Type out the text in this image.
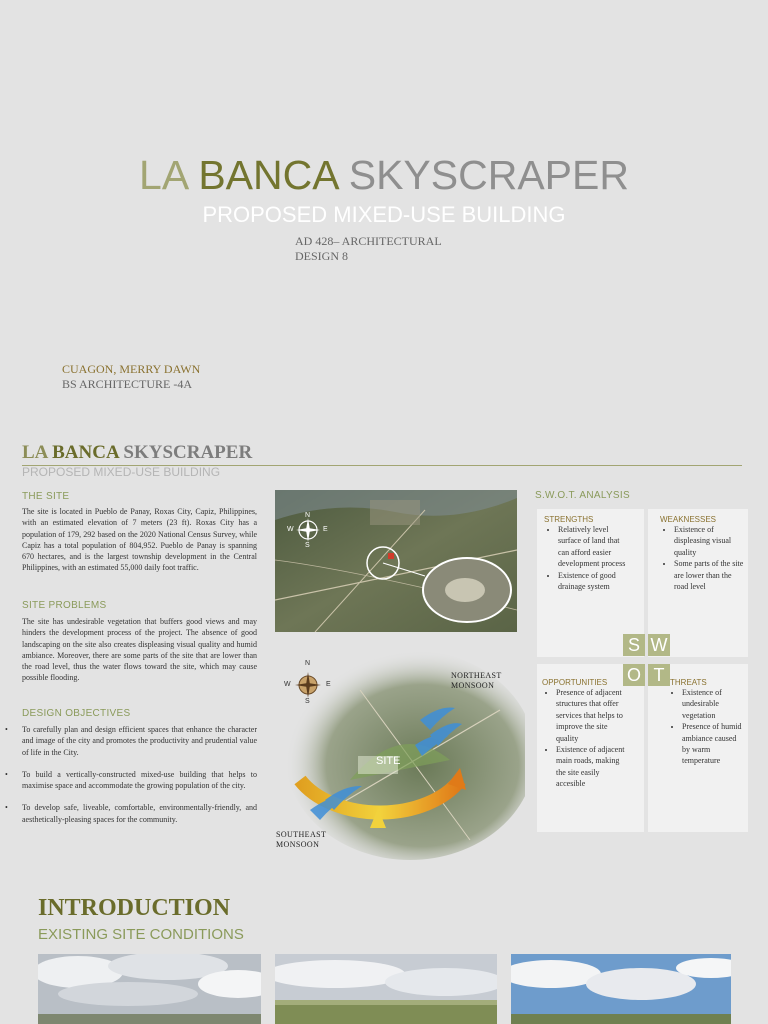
LA BANCA SKYSCRAPER
PROPOSED MIXED-USE BUILDING
AD 428– ARCHITECTURAL
DESIGN 8
CUAGON, MERRY DAWN
BS ARCHITECTURE -4A
LA BANCA SKYSCRAPER
PROPOSED MIXED-USE BUILDING
THE SITE
The site is located in Pueblo de Panay, Roxas City, Capiz, Philippines, with an estimated elevation of 7 meters (23 ft). Roxas City has a population of 179, 292 based on the 2020 National Census Survey, while Capiz has a total population of 804,952. Pueblo de Panay is spanning 670 hectares, and is the largest township development in the Central Philippines, with an estimated 55,000 daily foot traffic.
SITE PROBLEMS
The site has undesirable vegetation that buffers good views and may hinders the development process of the project. The absence of good landscaping on the site also creates displeasing visual quality and humid ambiance. Moreover, there are some parts of the site that are lower than the road level, thus the water flows toward the site, which may cause possible flooding.
DESIGN OBJECTIVES
• To carefully plan and design efficient spaces that enhance the character and image of the city and promotes the productivity and prudential value of life in the City.
• To build a vertically-constructed mixed-use building that helps to maximise space and accommodate the growing population of the city.
• To develop safe, liveable, comfortable, environmentally-friendly, and aesthetically-pleasing spaces for the community.
N
S
W	E
N
S
W	E
SITE
NORTHEAST
MONSOON
SOUTHEAST
MONSOON
S.W.O.T. ANALYSIS
STRENGTHS
• Relatively level surface of land that can afford easier development process
• Existence of good drainage system
WEAKNESSES
• Existence of displeasing visual quality
• Some parts of the site are lower than the road level
OPPORTUNITIES
• Presence of adjacent structures that offer services that helps to improve the site quality
• Existence of adjacent main roads, making the site easily accesible
THREATS
• Existence of undesirable vegetation
• Presence of humid ambiance caused by warm temperature
S W
O T
INTRODUCTION
EXISTING SITE CONDITIONS
